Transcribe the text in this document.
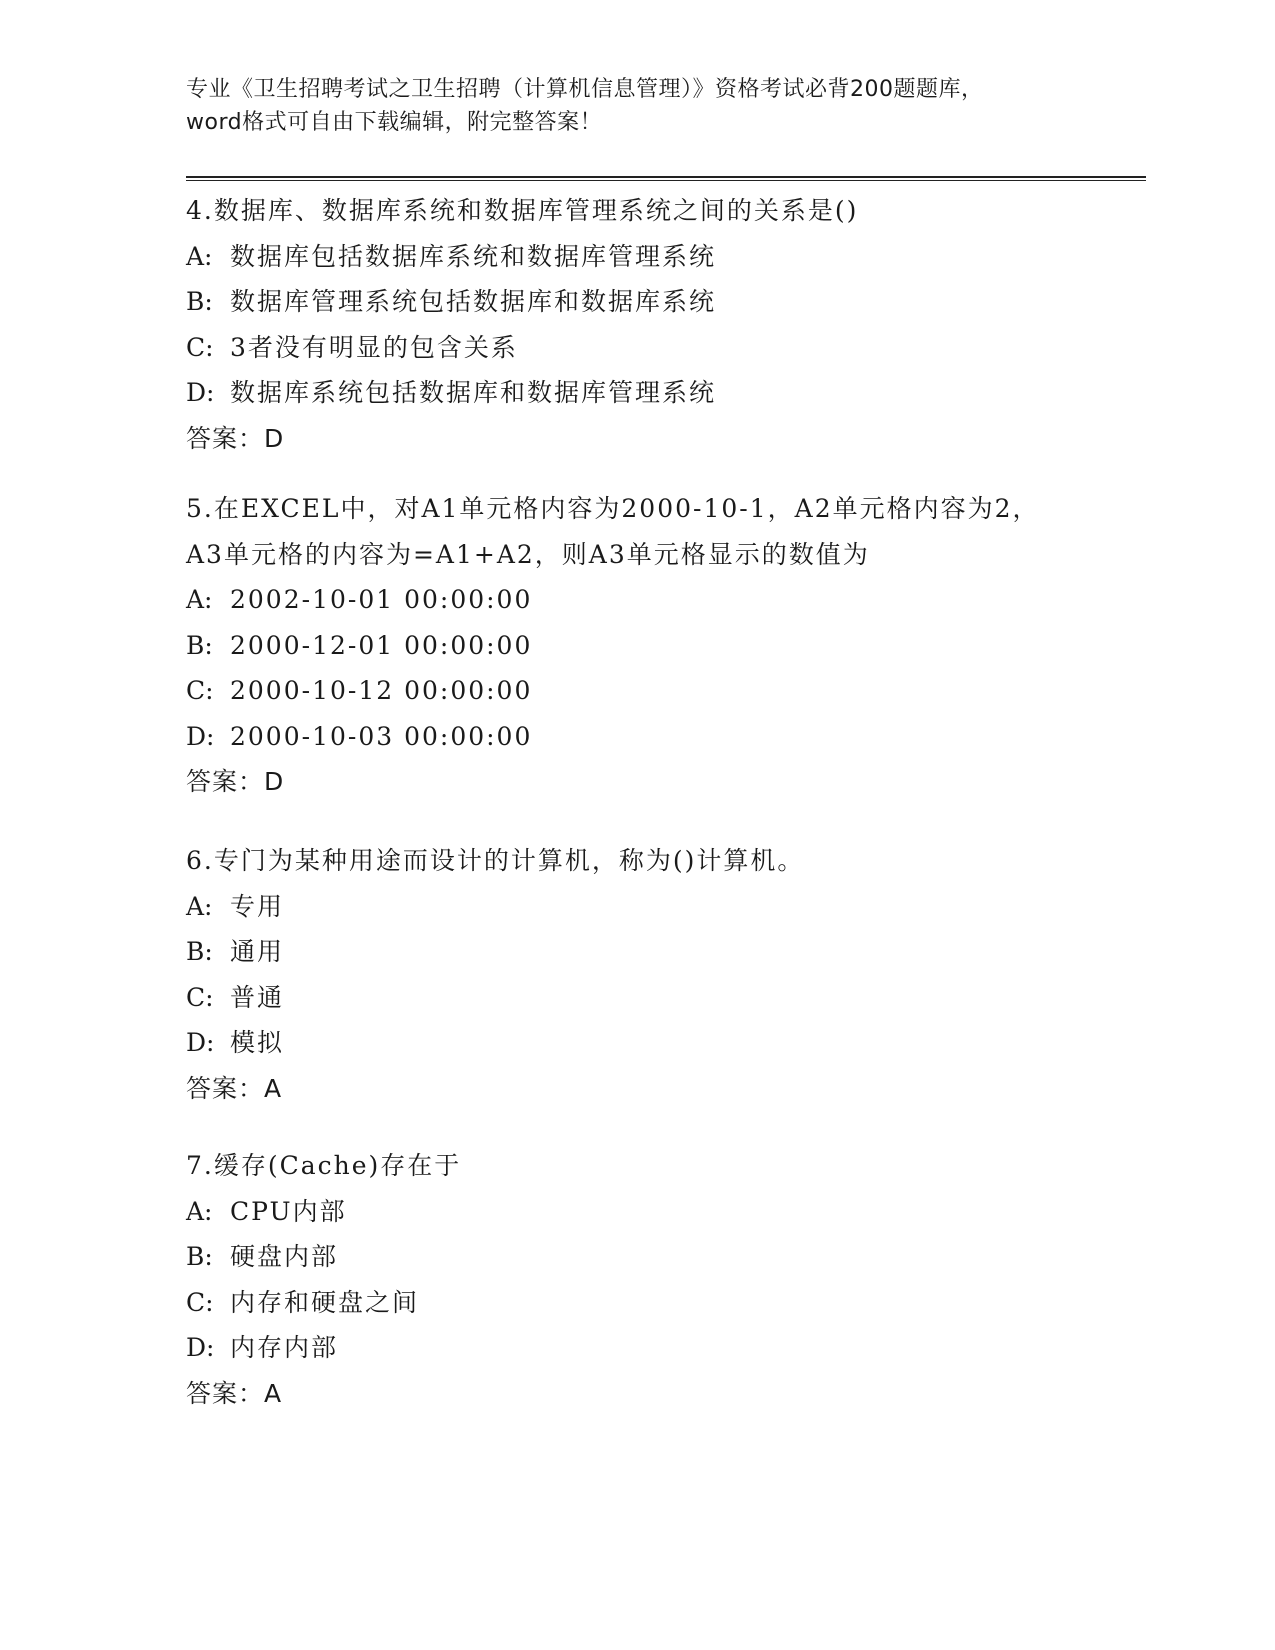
专业《卫生招聘考试之卫生招聘（计算机信息管理）》资格考试必背200题题库，
word格式可自由下载编辑，附完整答案！
4.数据库、数据库系统和数据库管理系统之间的关系是()
A: 数据库包括数据库系统和数据库管理系统
B: 数据库管理系统包括数据库和数据库系统
C: 3者没有明显的包含关系
D: 数据库系统包括数据库和数据库管理系统
答案：D
5.在EXCEL中，对A1单元格内容为2000-10-1，A2单元格内容为2，
A3单元格的内容为=A1+A2，则A3单元格显示的数值为
A: 2002-10-01 00:00:00
B: 2000-12-01 00:00:00
C: 2000-10-12 00:00:00
D: 2000-10-03 00:00:00
答案：D
6.专门为某种用途而设计的计算机，称为()计算机。
A: 专用
B: 通用
C: 普通
D: 模拟
答案：A
7.缓存(Cache)存在于
A: CPU内部
B: 硬盘内部
C: 内存和硬盘之间
D: 内存内部
答案：A
